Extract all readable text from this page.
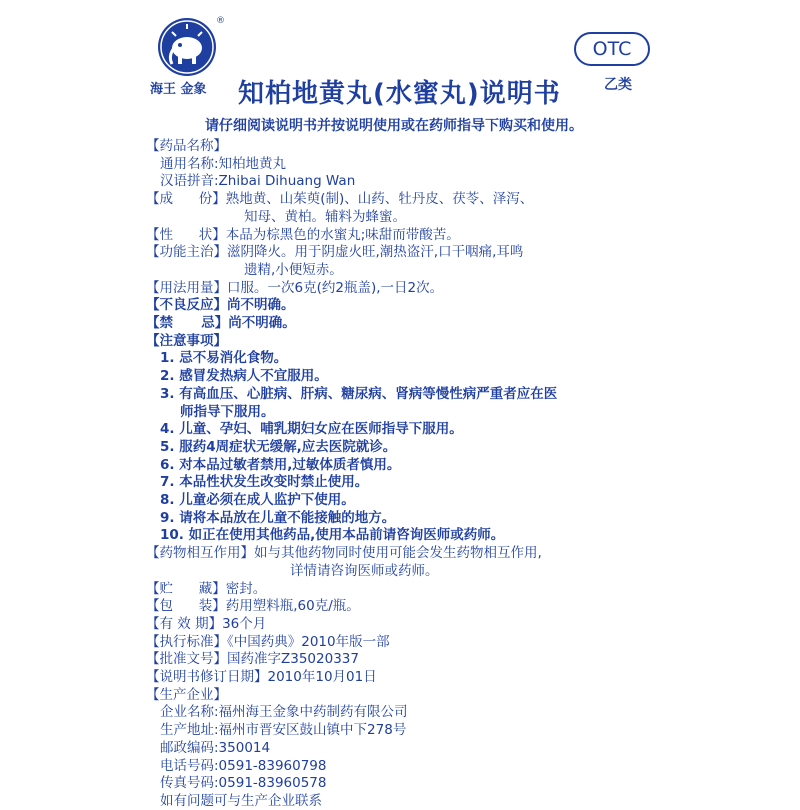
®
海王 金象
OTC
乙类
知柏地黄丸(水蜜丸)说明书
请仔细阅读说明书并按说明使用或在药师指导下购买和使用。
【药品名称】
通用名称:知柏地黄丸
汉语拼音:Zhibai Dihuang Wan
【成      份】熟地黄、山茱萸(制)、山药、牡丹皮、茯苓、泽泻、
知母、黄柏。辅料为蜂蜜。
【性      状】本品为棕黑色的水蜜丸;味甜而带酸苦。
【功能主治】滋阴降火。用于阴虚火旺,潮热盗汗,口干咽痛,耳鸣
遗精,小便短赤。
【用法用量】口服。一次6克(约2瓶盖),一日2次。
【不良反应】尚不明确。
【禁      忌】尚不明确。
【注意事项】
1. 忌不易消化食物。
2. 感冒发热病人不宜服用。
3. 有高血压、心脏病、肝病、糖尿病、肾病等慢性病严重者应在医
师指导下服用。
4. 儿童、孕妇、哺乳期妇女应在医师指导下服用。
5. 服药4周症状无缓解,应去医院就诊。
6. 对本品过敏者禁用,过敏体质者慎用。
7. 本品性状发生改变时禁止使用。
8. 儿童必须在成人监护下使用。
9. 请将本品放在儿童不能接触的地方。
10. 如正在使用其他药品,使用本品前请咨询医师或药师。
【药物相互作用】如与其他药物同时使用可能会发生药物相互作用,
详情请咨询医师或药师。
【贮      藏】密封。
【包      装】药用塑料瓶,60克/瓶。
【有 效 期】36个月
【执行标准】《中国药典》2010年版一部
【批准文号】国药准字Z35020337
【说明书修订日期】2010年10月01日
【生产企业】
企业名称:福州海王金象中药制药有限公司
生产地址:福州市晋安区鼓山镇中下278号
邮政编码:350014
电话号码:0591-83960798
传真号码:0591-83960578
如有问题可与生产企业联系
